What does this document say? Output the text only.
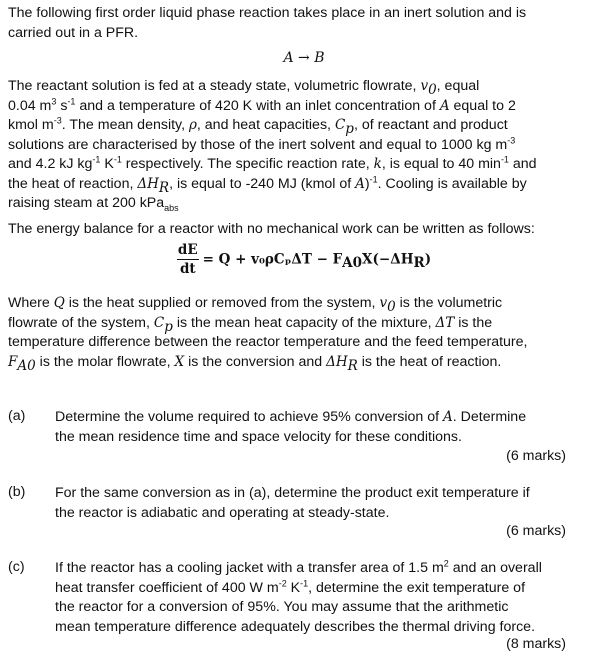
The following first order liquid phase reaction takes place in an inert solution and is
carried out in a PFR.

A → B

The reactant solution is fed at a steady state, volumetric flowrate, $v_0$, equal
0.04 $m^3$ $s^{-1}$ and a temperature of 420 K with an inlet concentration of A equal to 2
kmol $m^{-3}$. The mean density, ρ, and heat capacities, $C_p$, of reactant and product
solutions are characterised by those of the inert solvent and equal to 1000 kg $m^{-3}$
and 4.2 kJ $kg^{-1}$ $K^{-1}$ respectively. The specific reaction rate, k, is equal to 40 $\min^{-1}$ and
the heat of reaction, $\Delta H_R$, is equal to -240 MJ (kmol of A)$^{-1}$. Cooling is available by
raising steam at 200 kPa$_{abs}$

The energy balance for a reactor with no mechanical work can be written as follows:

$\frac{dE}{dt} = Q + v_0\rho C_p\Delta T - F_{A0}X(-\Delta H_R)$

Where Q is the heat supplied or removed from the system, $v_0$ is the volumetric
flowrate of the system, $C_p$ is the mean heat capacity of the mixture, ΔT is the
temperature difference between the reactor temperature and the feed temperature,
$F_{A0}$ is the molar flowrate, X is the conversion and $\Delta H_R$ is the heat of reaction.

(a) Determine the volume required to achieve 95% conversion of A. Determine
the mean residence time and space velocity for these conditions.
(6 marks)
(b) For the same conversion as in (a), determine the product exit temperature if
the reactor is adiabatic and operating at steady-state.
(6 marks)
(c) If the reactor has a cooling jacket with a transfer area of 1.5 $m^2$ and an overall
heat transfer coefficient of 400 W $m^{-2}$ $K^{-1}$, determine the exit temperature of
the reactor for a conversion of 95%. You may assume that the arithmetic
mean temperature difference adequately describes the thermal driving force.
(8 marks)
